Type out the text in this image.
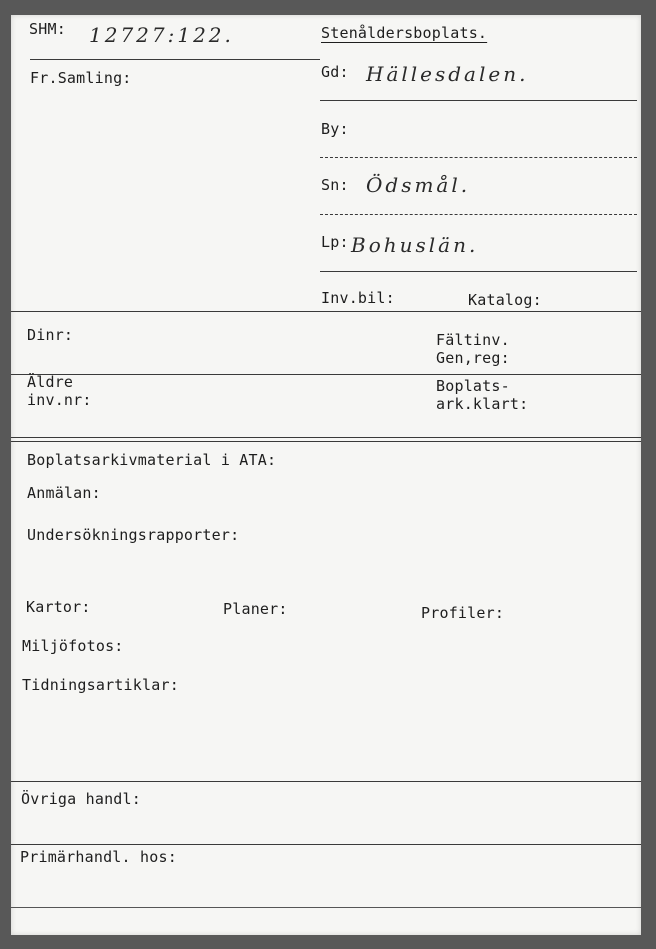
SHM: 12727:122.	Stenåldersboplats.
Fr.Samling:	Gd: Hällesdalen.
By:
Sn: Ödsmål.
Lp: Bohuslän.
Inv.bil:	Katalog:
Dinr:	Fältinv.
Gen,reg:
Äldre
inv.nr:
Boplats-
ark.klart:
Boplatsarkivmaterial i ATA:
Anmälan:
Undersökningsrapporter:
Kartor:	Planer:	Profiler:
Miljöfotos:
Tidningsartiklar:
Övriga handl:
Primärhandl. hos:
